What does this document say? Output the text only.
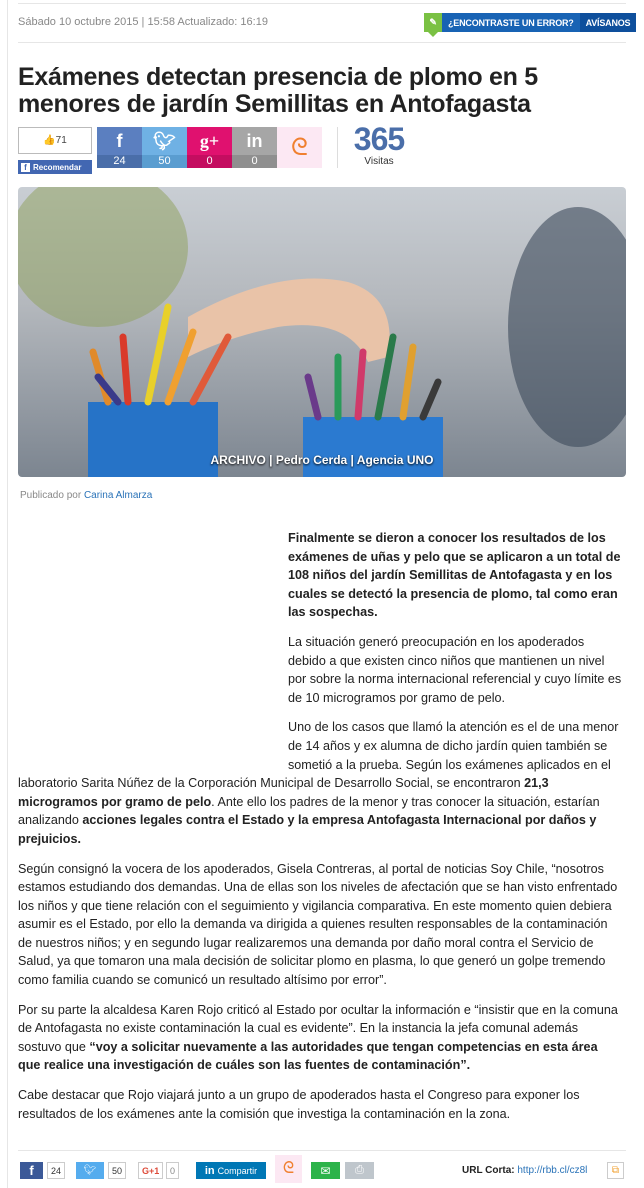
Sábado 10 octubre 2015 | 15:58 Actualizado: 16:19	✎	¿ENCONTRASTE UN ERROR?	AVÍSANOS
Exámenes detectan presencia de plomo en 5 menores de jardín Semillitas en Antofagasta
👍71
f Recomendar
f
24
🐦︎
50
g+
0
in
0	ᘓ	365
Visitas
ARCHIVO | Pedro Cerda | Agencia UNO
Publicado por Carina Almarza

Finalmente se dieron a conocer los resultados de los exámenes de uñas y pelo que se aplicaron a un total de 108 niños del jardín Semillitas de Antofagasta y en los cuales se detectó la presencia de plomo, tal como eran las sospechas.

La situación generó preocupación en los apoderados debido a que existen cinco niños que mantienen un nivel por sobre la norma internacional referencial y cuyo límite es de 10 microgramos por gramo de pelo.

Uno de los casos que llamó la atención es el de una menor de 14 años y ex alumna de dicho jardín quien también se sometió a la prueba. Según los exámenes aplicados en el laboratorio Sarita Núñez de la Corporación Municipal de Desarrollo Social, se encontraron 21,3 microgramos por gramo de pelo. Ante ello los padres de la menor y tras conocer la situación, estarían analizando acciones legales contra el Estado y la empresa Antofagasta Internacional por daños y prejuicios.

Según consignó la vocera de los apoderados, Gisela Contreras, al portal de noticias Soy Chile, “nosotros estamos estudiando dos demandas. Una de ellas son los niveles de afectación que se han visto enfrentado los niños y que tiene relación con el seguimiento y vigilancia comparativa. En este momento quien debiera asumir es el Estado, por ello la demanda va dirigida a quienes resulten responsables de la contaminación de nuestros niños; y en segundo lugar realizaremos una demanda por daño moral contra el Servicio de Salud, ya que tomaron una mala decisión de solicitar plomo en plasma, lo que generó un golpe tremendo como familia cuando se comunicó un resultado altísimo por error”.

Por su parte la alcaldesa Karen Rojo criticó al Estado por ocultar la información e “insistir que en la comuna de Antofagasta no existe contaminación la cual es evidente”. En la instancia la jefa comunal además sostuvo que “voy a solicitar nuevamente a las autoridades que tengan competencias en esta área que realice una investigación de cuáles son las fuentes de contaminación”.

Cabe destacar que Rojo viajará junto a un grupo de apoderados hasta el Congreso para exponer los resultados de los exámenes ante la comisión que investiga la contaminación en la zona.

f	24	🐦︎	50	G+1	0	in Compartir ᘓ ✉ ⎙	URL Corta:
http://rbb.cl/cz8l ⧉
